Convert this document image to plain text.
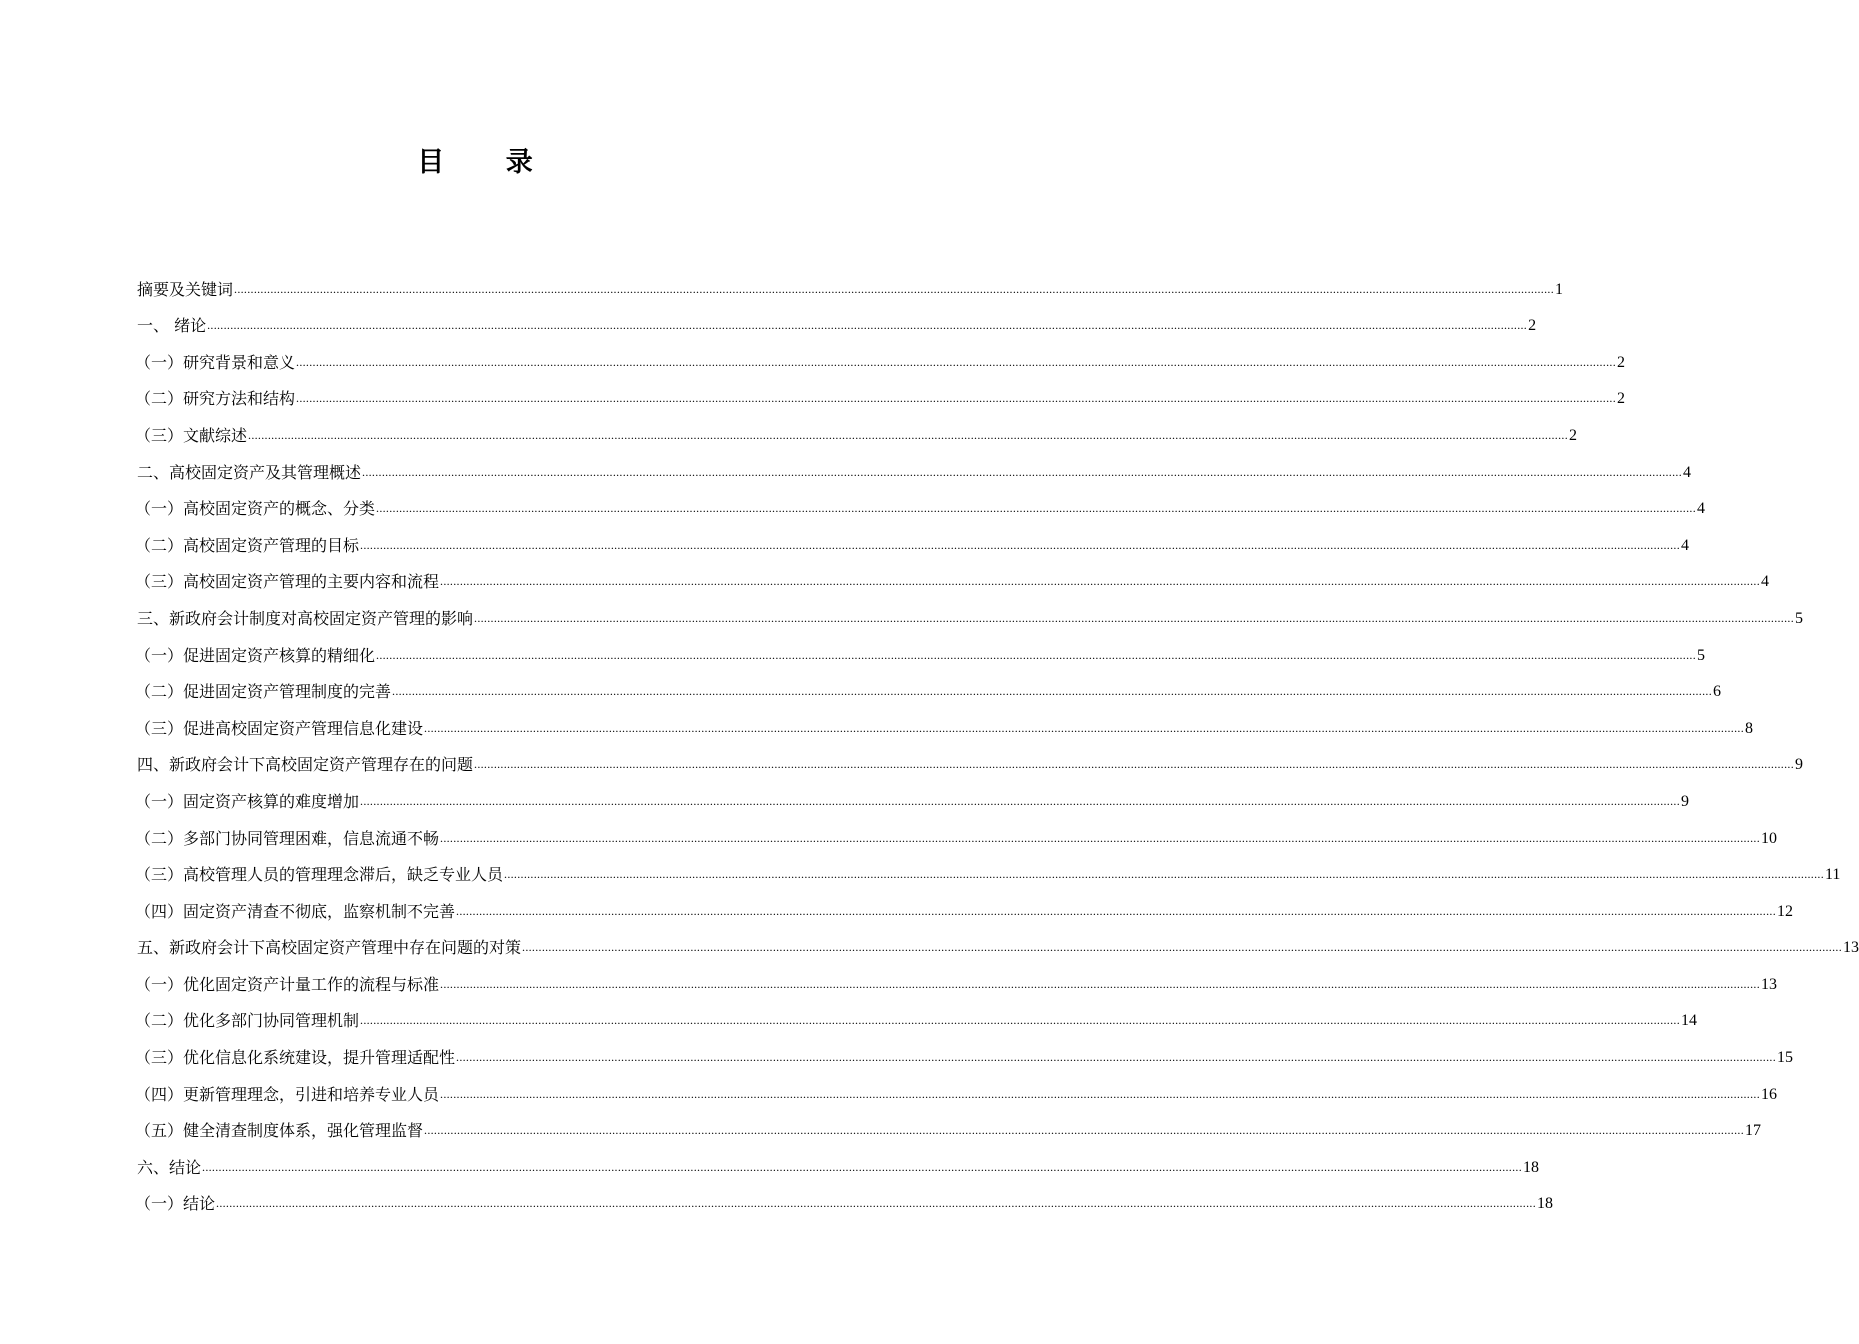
目 录
摘要及关键词 ................................................................................................................................................................................................................................................................................................................................................................................................................ 1
一、 绪论 ................................................................................................................................................................................................................................................................................................................................................................................................................ 2
（一）研究背景和意义 ................................................................................................................................................................................................................................................................................................................................................................................................................ 2
（二）研究方法和结构 ................................................................................................................................................................................................................................................................................................................................................................................................................ 2
（三）文献综述 ................................................................................................................................................................................................................................................................................................................................................................................................................ 2
二、高校固定资产及其管理概述 ................................................................................................................................................................................................................................................................................................................................................................................................................ 4
（一）高校固定资产的概念、分类 ................................................................................................................................................................................................................................................................................................................................................................................................................ 4
（二）高校固定资产管理的目标 ................................................................................................................................................................................................................................................................................................................................................................................................................ 4
（三）高校固定资产管理的主要内容和流程 ................................................................................................................................................................................................................................................................................................................................................................................................................ 4
三、新政府会计制度对高校固定资产管理的影响 ................................................................................................................................................................................................................................................................................................................................................................................................................ 5
（一）促进固定资产核算的精细化 ................................................................................................................................................................................................................................................................................................................................................................................................................ 5
（二）促进固定资产管理制度的完善 ................................................................................................................................................................................................................................................................................................................................................................................................................ 6
（三）促进高校固定资产管理信息化建设 ................................................................................................................................................................................................................................................................................................................................................................................................................ 8
四、新政府会计下高校固定资产管理存在的问题 ................................................................................................................................................................................................................................................................................................................................................................................................................ 9
（一）固定资产核算的难度增加 ................................................................................................................................................................................................................................................................................................................................................................................................................ 9
（二）多部门协同管理困难，信息流通不畅 ................................................................................................................................................................................................................................................................................................................................................................................................................ 10
（三）高校管理人员的管理理念滞后，缺乏专业人员 ................................................................................................................................................................................................................................................................................................................................................................................................................ 11
（四）固定资产清查不彻底，监察机制不完善 ................................................................................................................................................................................................................................................................................................................................................................................................................ 12
五、新政府会计下高校固定资产管理中存在问题的对策 ................................................................................................................................................................................................................................................................................................................................................................................................................ 13
（一）优化固定资产计量工作的流程与标准 ................................................................................................................................................................................................................................................................................................................................................................................................................ 13
（二）优化多部门协同管理机制 ................................................................................................................................................................................................................................................................................................................................................................................................................ 14
（三）优化信息化系统建设，提升管理适配性 ................................................................................................................................................................................................................................................................................................................................................................................................................ 15
（四）更新管理理念，引进和培养专业人员 ................................................................................................................................................................................................................................................................................................................................................................................................................ 16
（五）健全清查制度体系，强化管理监督 ................................................................................................................................................................................................................................................................................................................................................................................................................ 17
六、结论 ................................................................................................................................................................................................................................................................................................................................................................................................................ 18
（一）结论 ................................................................................................................................................................................................................................................................................................................................................................................................................ 18
